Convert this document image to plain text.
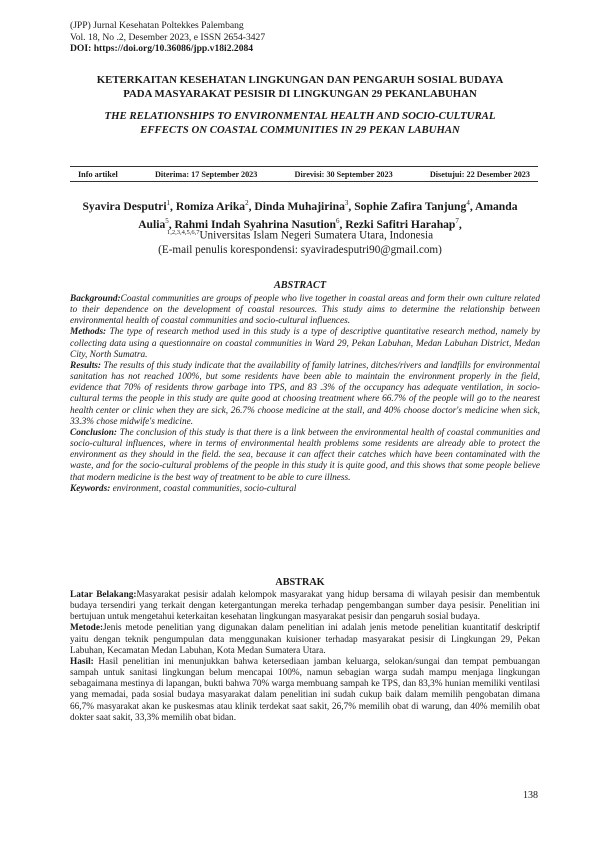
(JPP) Jurnal Kesehatan Poltekkes Palembang
Vol. 18, No .2, Desember 2023, e ISSN 2654-3427
DOI: https://doi.org/10.36086/jpp.v18i2.2084
KETERKAITAN KESEHATAN LINGKUNGAN DAN PENGARUH SOSIAL BUDAYA
PADA MASYARAKAT PESISIR DI LINGKUNGAN 29 PEKANLABUHAN
THE RELATIONSHIPS TO ENVIRONMENTAL HEALTH AND SOCIO-CULTURAL
EFFECTS ON COASTAL COMMUNITIES IN 29 PEKAN LABUHAN
Info artikel	Diterima: 17 September 2023	Direvisi: 30 September 2023	Disetujui: 22 Desember 2023
Syavira Desputri$^1$, Romiza Arika$^2$, Dinda Muhajirina$^3$, Sophie Zafira Tanjung$^4$, Amanda
Aulia$^5$, Rahmi Indah Syahrina Nasution$^6$, Rezki Safitri Harahap$^7$,
$^{1,2,3,4,5,6,7}$Universitas Islam Negeri Sumatera Utara, Indonesia
(E-mail penulis korespondensi: syaviradesputri90@gmail.com)
ABSTRACT

Background:Coastal communities are groups of people who live together in coastal areas and form their own culture related to their dependence on the development of coastal resources. This study aims to determine the relationship between environmental health of coastal communities and socio-cultural influences.

Methods: The type of research method used in this study is a type of descriptive quantitative research method, namely by collecting data using a questionnaire on coastal communities in Ward 29, Pekan Labuhan, Medan Labuhan District, Medan City, North Sumatra.

Results: The results of this study indicate that the availability of family latrines, ditches/rivers and landfills for environmental sanitation has not reached 100%, but some residents have been able to maintain the environment properly in the field, evidence that 70% of residents throw garbage into TPS, and 83 .3% of the occupancy has adequate ventilation, in socio-cultural terms the people in this study are quite good at choosing treatment where 66.7% of the people will go to the nearest health center or clinic when they are sick, 26.7% choose medicine at the stall, and 40% choose doctor's medicine when sick, 33.3% chose midwife's medicine.

Conclusion: The conclusion of this study is that there is a link between the environmental health of coastal communities and socio-cultural influences, where in terms of environmental health problems some residents are already able to protect the environment as they should in the field. the sea, because it can affect their catches which have been contaminated with the waste, and for the socio-cultural problems of the people in this study it is quite good, and this shows that some people believe that modern medicine is the best way of treatment to be able to cure illness.

Keywords: environment, coastal communities, socio-cultural

ABSTRAK

Latar Belakang:Masyarakat pesisir adalah kelompok masyarakat yang hidup bersama di wilayah pesisir dan membentuk budaya tersendiri yang terkait dengan ketergantungan mereka terhadap pengembangan sumber daya pesisir. Penelitian ini bertujuan untuk mengetahui keterkaitan kesehatan lingkungan masyarakat pesisir dan pengaruh sosial budaya.

Metode:Jenis metode penelitian yang digunakan dalam penelitian ini adalah jenis metode penelitian kuantitatif deskriptif yaitu dengan teknik pengumpulan data menggunakan kuisioner terhadap masyarakat pesisir di Lingkungan 29, Pekan Labuhan, Kecamatan Medan Labuhan, Kota Medan Sumatera Utara.

Hasil: Hasil penelitian ini menunjukkan bahwa ketersediaan jamban keluarga, selokan/sungai dan tempat pembuangan sampah untuk sanitasi lingkungan belum mencapai 100%, namun sebagian warga sudah mampu menjaga lingkungan sebagaimana mestinya di lapangan, bukti bahwa 70% warga membuang sampah ke TPS, dan 83,3% hunian memiliki ventilasi yang memadai, pada sosial budaya masyarakat dalam penelitian ini sudah cukup baik dalam memilih pengobatan dimana 66,7% masyarakat akan ke puskesmas atau klinik terdekat saat sakit, 26,7% memilih obat di warung, dan 40% memilih obat dokter saat sakit, 33,3% memilih obat bidan.

138
